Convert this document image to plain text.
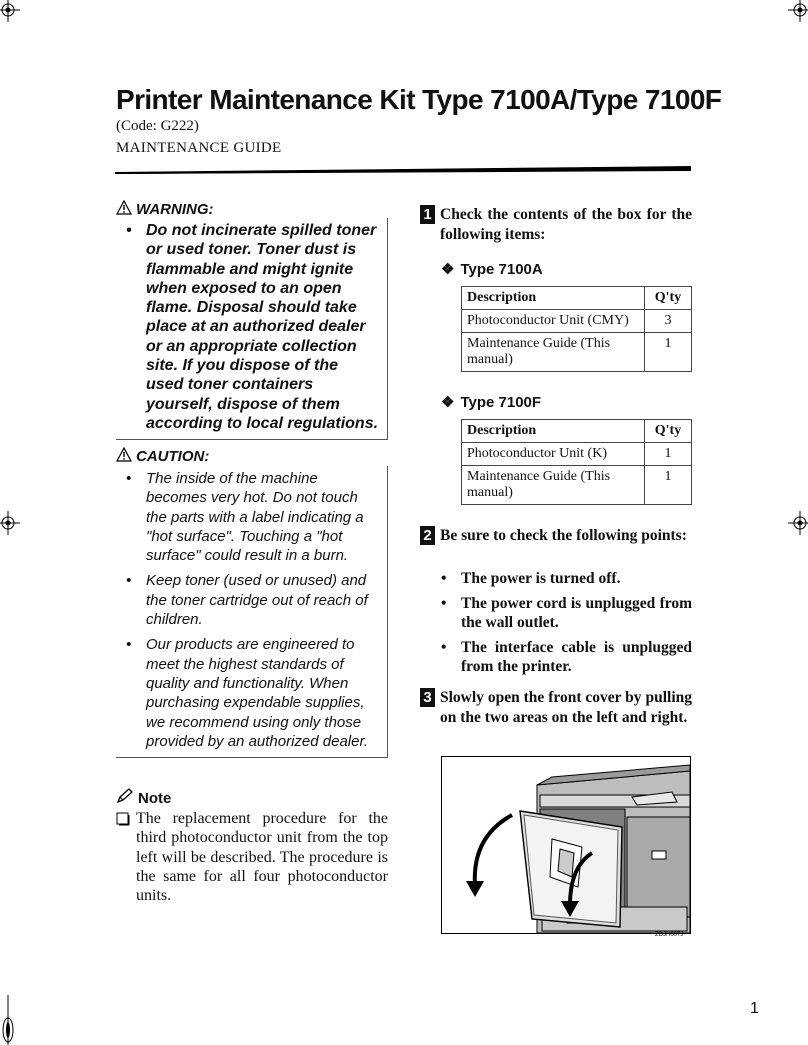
Printer Maintenance Kit Type 7100A/Type 7100F
(Code: G222)
MAINTENANCE GUIDE
WARNING:
• Do not incinerate spilled toner or used toner. Toner dust is flammable and might ignite when exposed to an open flame. Disposal should take place at an authorized dealer or an appropriate collection site. If you dispose of the used toner containers yourself, dispose of them according to local regulations.
CAUTION:
• The inside of the machine becomes very hot. Do not touch the parts with a label indicating a "hot surface". Touching a "hot surface" could result in a burn.
• Keep toner (used or unused) and the toner cartridge out of reach of children.
• Our products are engineered to meet the highest standards of quality and functionality. When purchasing expendable supplies, we recommend using only those provided by an authorized dealer.
Note
The replacement procedure for the third photoconductor unit from the top left will be described. The procedure is the same for all four photoconductor units.
1 Check the contents of the box for the following items:
❖ Type 7100A
Description	Q'ty
Photoconductor Unit (CMY)	3
Maintenance Guide (This manual)	1
❖ Type 7100F
Description	Q'ty
Photoconductor Unit (K)	1
Maintenance Guide (This manual)	1
2 Be sure to check the following points:
• The power is turned off.
• The power cord is unplugged from the wall outlet.
• The interface cable is unplugged from the printer.
3 Slowly open the front cover by pulling on the two areas on the left and right.
ZDJH007J
1
